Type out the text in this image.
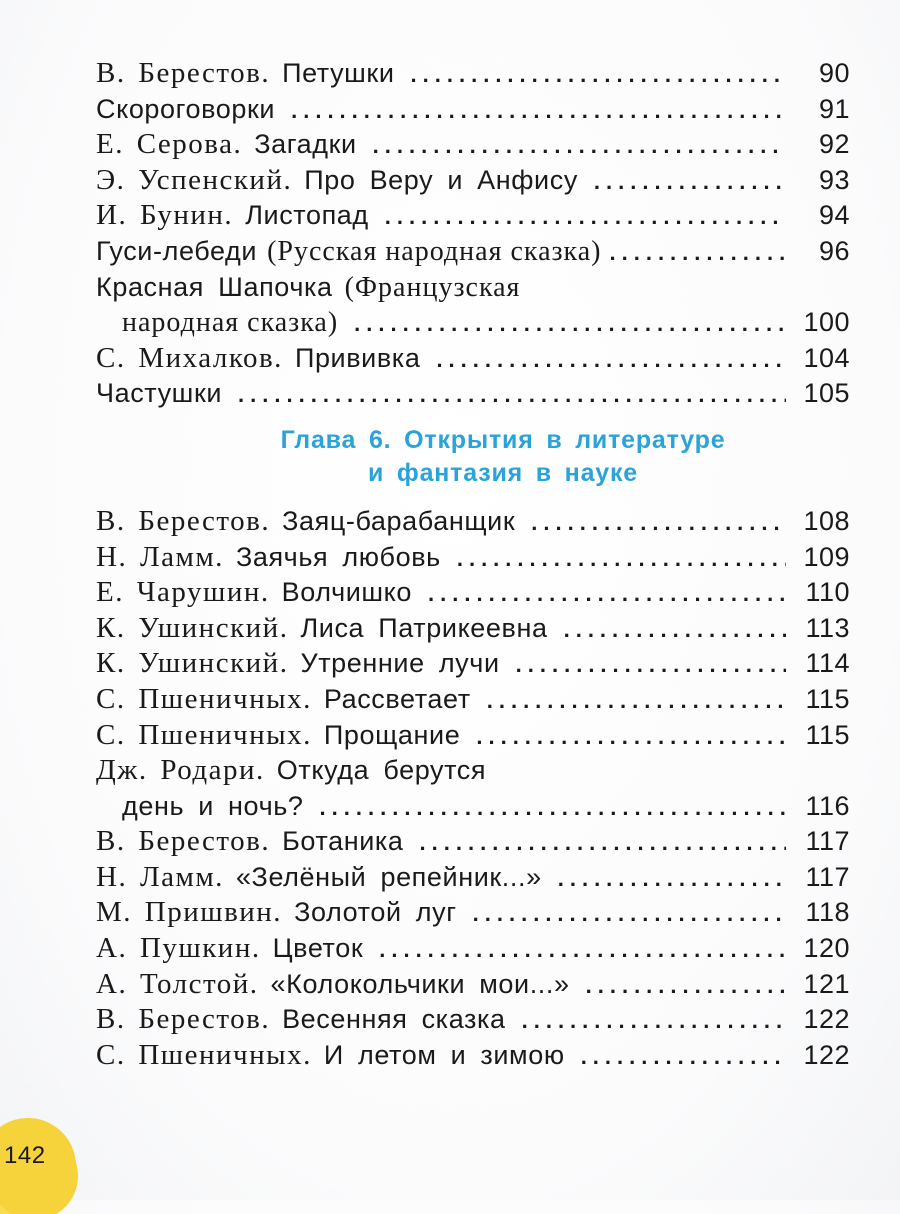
В. Берестов. Петушки .....	90
Скороговорки .....	91
Е. Серова. Загадки .....	92
Э. Успенский. Про Веру и Анфису .....	93
И. Бунин. Листопад .....	94
Гуси-лебеди (Русская народная сказка) .....	96
Красная Шапочка (Французская
народная сказка) .....	100
С. Михалков. Прививка .....	104
Частушки .....	105
Глава 6. Открытия в литературе
и фантазия в науке
В. Берестов. Заяц-барабанщик .....	108
Н. Ламм. Заячья любовь .....	109
Е. Чарушин. Волчишко .....	110
К. Ушинский. Лиса Патрикеевна .....	113
К. Ушинский. Утренние лучи .....	114
С. Пшеничных. Рассветает .....	115
С. Пшеничных. Прощание .....	115
Дж. Родари. Откуда берутся
день и ночь? .....	116
В. Берестов. Ботаника .....	117
Н. Ламм. «Зелёный репейник...» .....	117
М. Пришвин. Золотой луг .....	118
А. Пушкин. Цветок .....	120
А. Толстой. «Колокольчики мои...» .....	121
В. Берестов. Весенняя сказка .....	122
С. Пшеничных. И летом и зимою .....	122
142
